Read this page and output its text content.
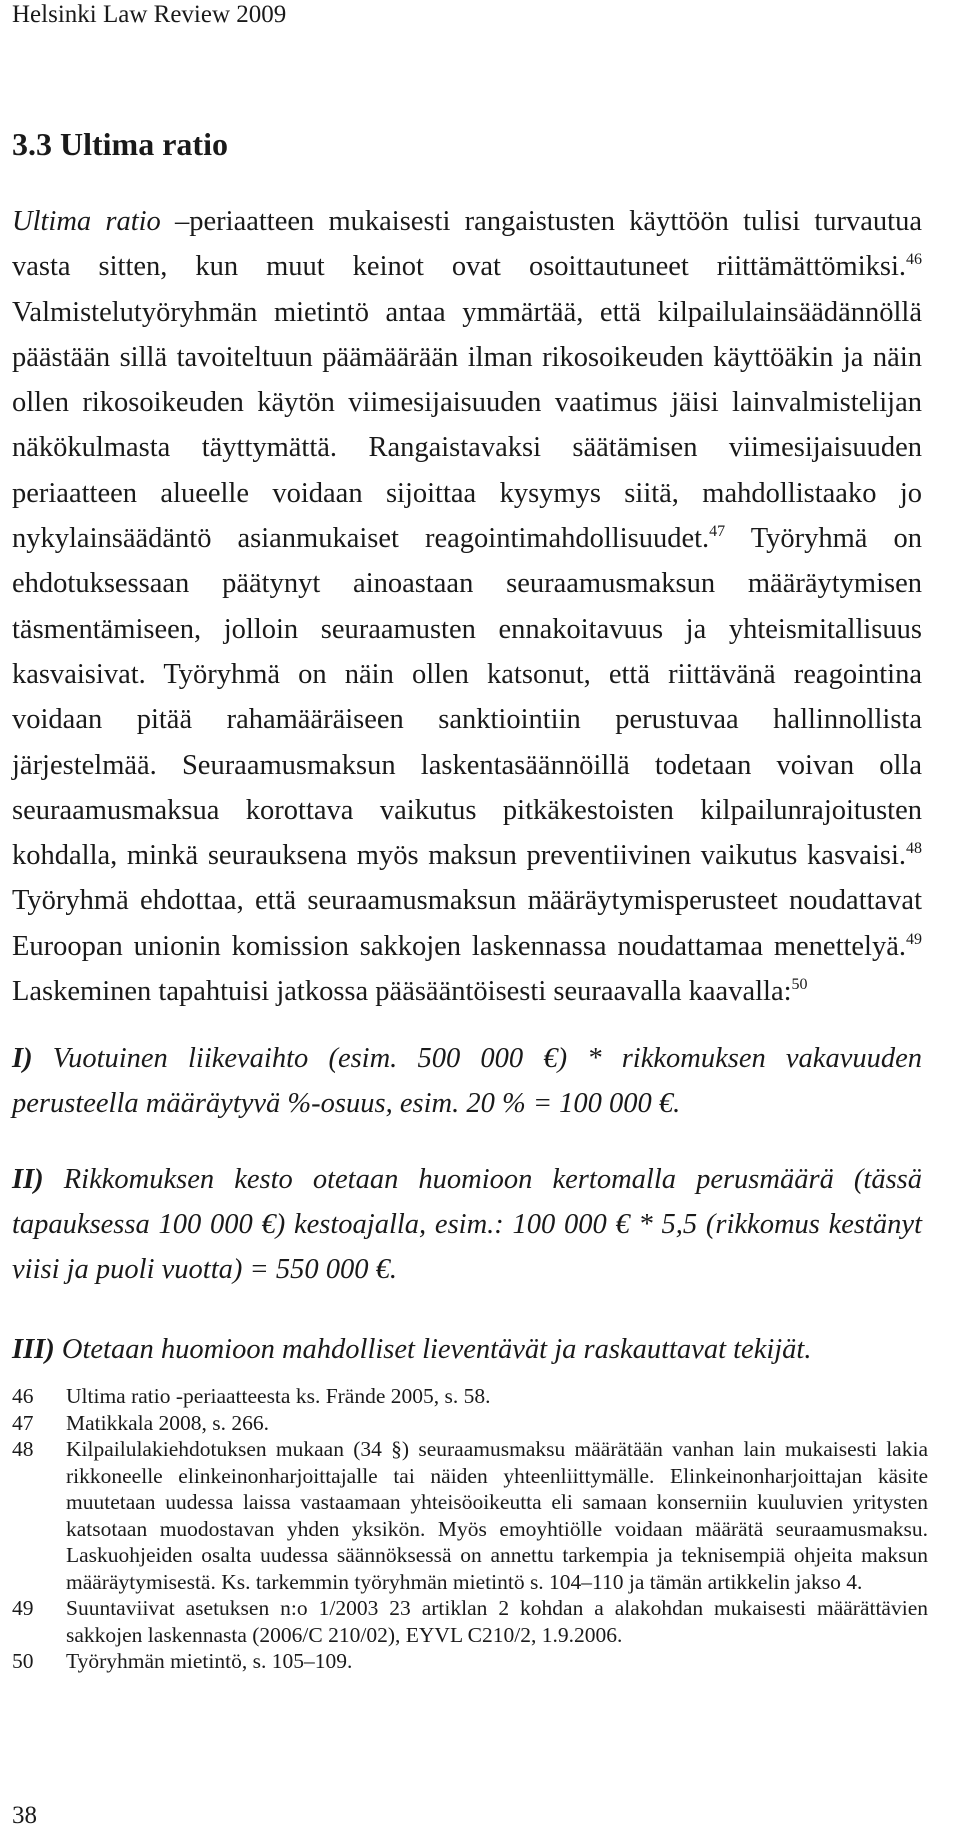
Helsinki Law Review 2009
3.3 Ultima ratio

Ultima ratio –periaatteen mukaisesti rangaistusten käyttöön tulisi turvautua vasta sitten, kun muut keinot ovat osoittautuneet riittämättömiksi.$^{46}$ Valmistelutyöryhmän mietintö antaa ymmärtää, että kilpailulainsäädännöllä päästään sillä tavoiteltuun päämäärään ilman rikosoikeuden käyttöäkin ja näin ollen rikosoikeuden käytön viimesijaisuuden vaatimus jäisi lainvalmistelijan näkökulmasta täyttymättä. Rangaistavaksi säätämisen viimesijaisuuden periaatteen alueelle voidaan sijoittaa kysymys siitä, mahdollistaako jo nykylainsäädäntö asianmukaiset reagointimahdollisuudet.$^{47}$ Työryhmä on ehdotuksessaan päätynyt ainoastaan seuraamusmaksun määräytymisen täsmentämiseen, jolloin seuraamusten ennakoitavuus ja yhteismitallisuus kasvaisivat. Työryhmä on näin ollen katsonut, että riittävänä reagointina voidaan pitää rahamääräiseen sanktiointiin perustuvaa hallinnollista järjestelmää. Seuraamusmaksun laskentasäännöillä todetaan voivan olla seuraamusmaksua korottava vaikutus pitkäkestoisten kilpailunrajoitusten kohdalla, minkä seurauksena myös maksun preventiivinen vaikutus kasvaisi.$^{48}$ Työryhmä ehdottaa, että seuraamusmaksun määräytymisperusteet noudattavat Euroopan unionin komission sakkojen laskennassa noudattamaa menettelyä.$^{49}$ Laskeminen tapahtuisi jatkossa pääsääntöisesti seuraavalla kaavalla:$^{50}$

I) Vuotuinen liikevaihto (esim. 500 000 €) * rikkomuksen vakavuuden perusteella määräytyvä %-osuus, esim. 20 % = 100 000 €.

II) Rikkomuksen kesto otetaan huomioon kertomalla perusmäärä (tässä tapauksessa 100 000 €) kestoajalla, esim.: 100 000 € * 5,5 (rikkomus kestänyt viisi ja puoli vuotta) = 550 000 €.

III) Otetaan huomioon mahdolliset lieventävät ja raskauttavat tekijät.

46	Ultima ratio -periaatteesta ks. Frände 2005, s. 58.
47	Matikkala 2008, s. 266.
48	Kilpailulakiehdotuksen mukaan (34 §) seuraamusmaksu määrätään vanhan lain mukaisesti lakia rikkoneelle elinkeinonharjoittajalle tai näiden yhteenliittymälle. Elinkeinonharjoittajan käsite muutetaan uudessa laissa vastaamaan yhteisöoikeutta eli samaan konserniin kuuluvien yritysten katsotaan muodostavan yhden yksikön. Myös emoyhtiölle voidaan määrätä seuraamusmaksu. Laskuohjeiden osalta uudessa säännöksessä on annettu tarkempia ja teknisempiä ohjeita maksun määräytymisestä. Ks. tarkemmin työryhmän mietintö s. 104–110 ja tämän artikkelin jakso 4.
49	Suuntaviivat asetuksen n:o 1/2003 23 artiklan 2 kohdan a alakohdan mukaisesti määrättävien sakkojen laskennasta (2006/C 210/02), EYVL C210/2, 1.9.2006.
50	Työryhmän mietintö, s. 105–109.
38
